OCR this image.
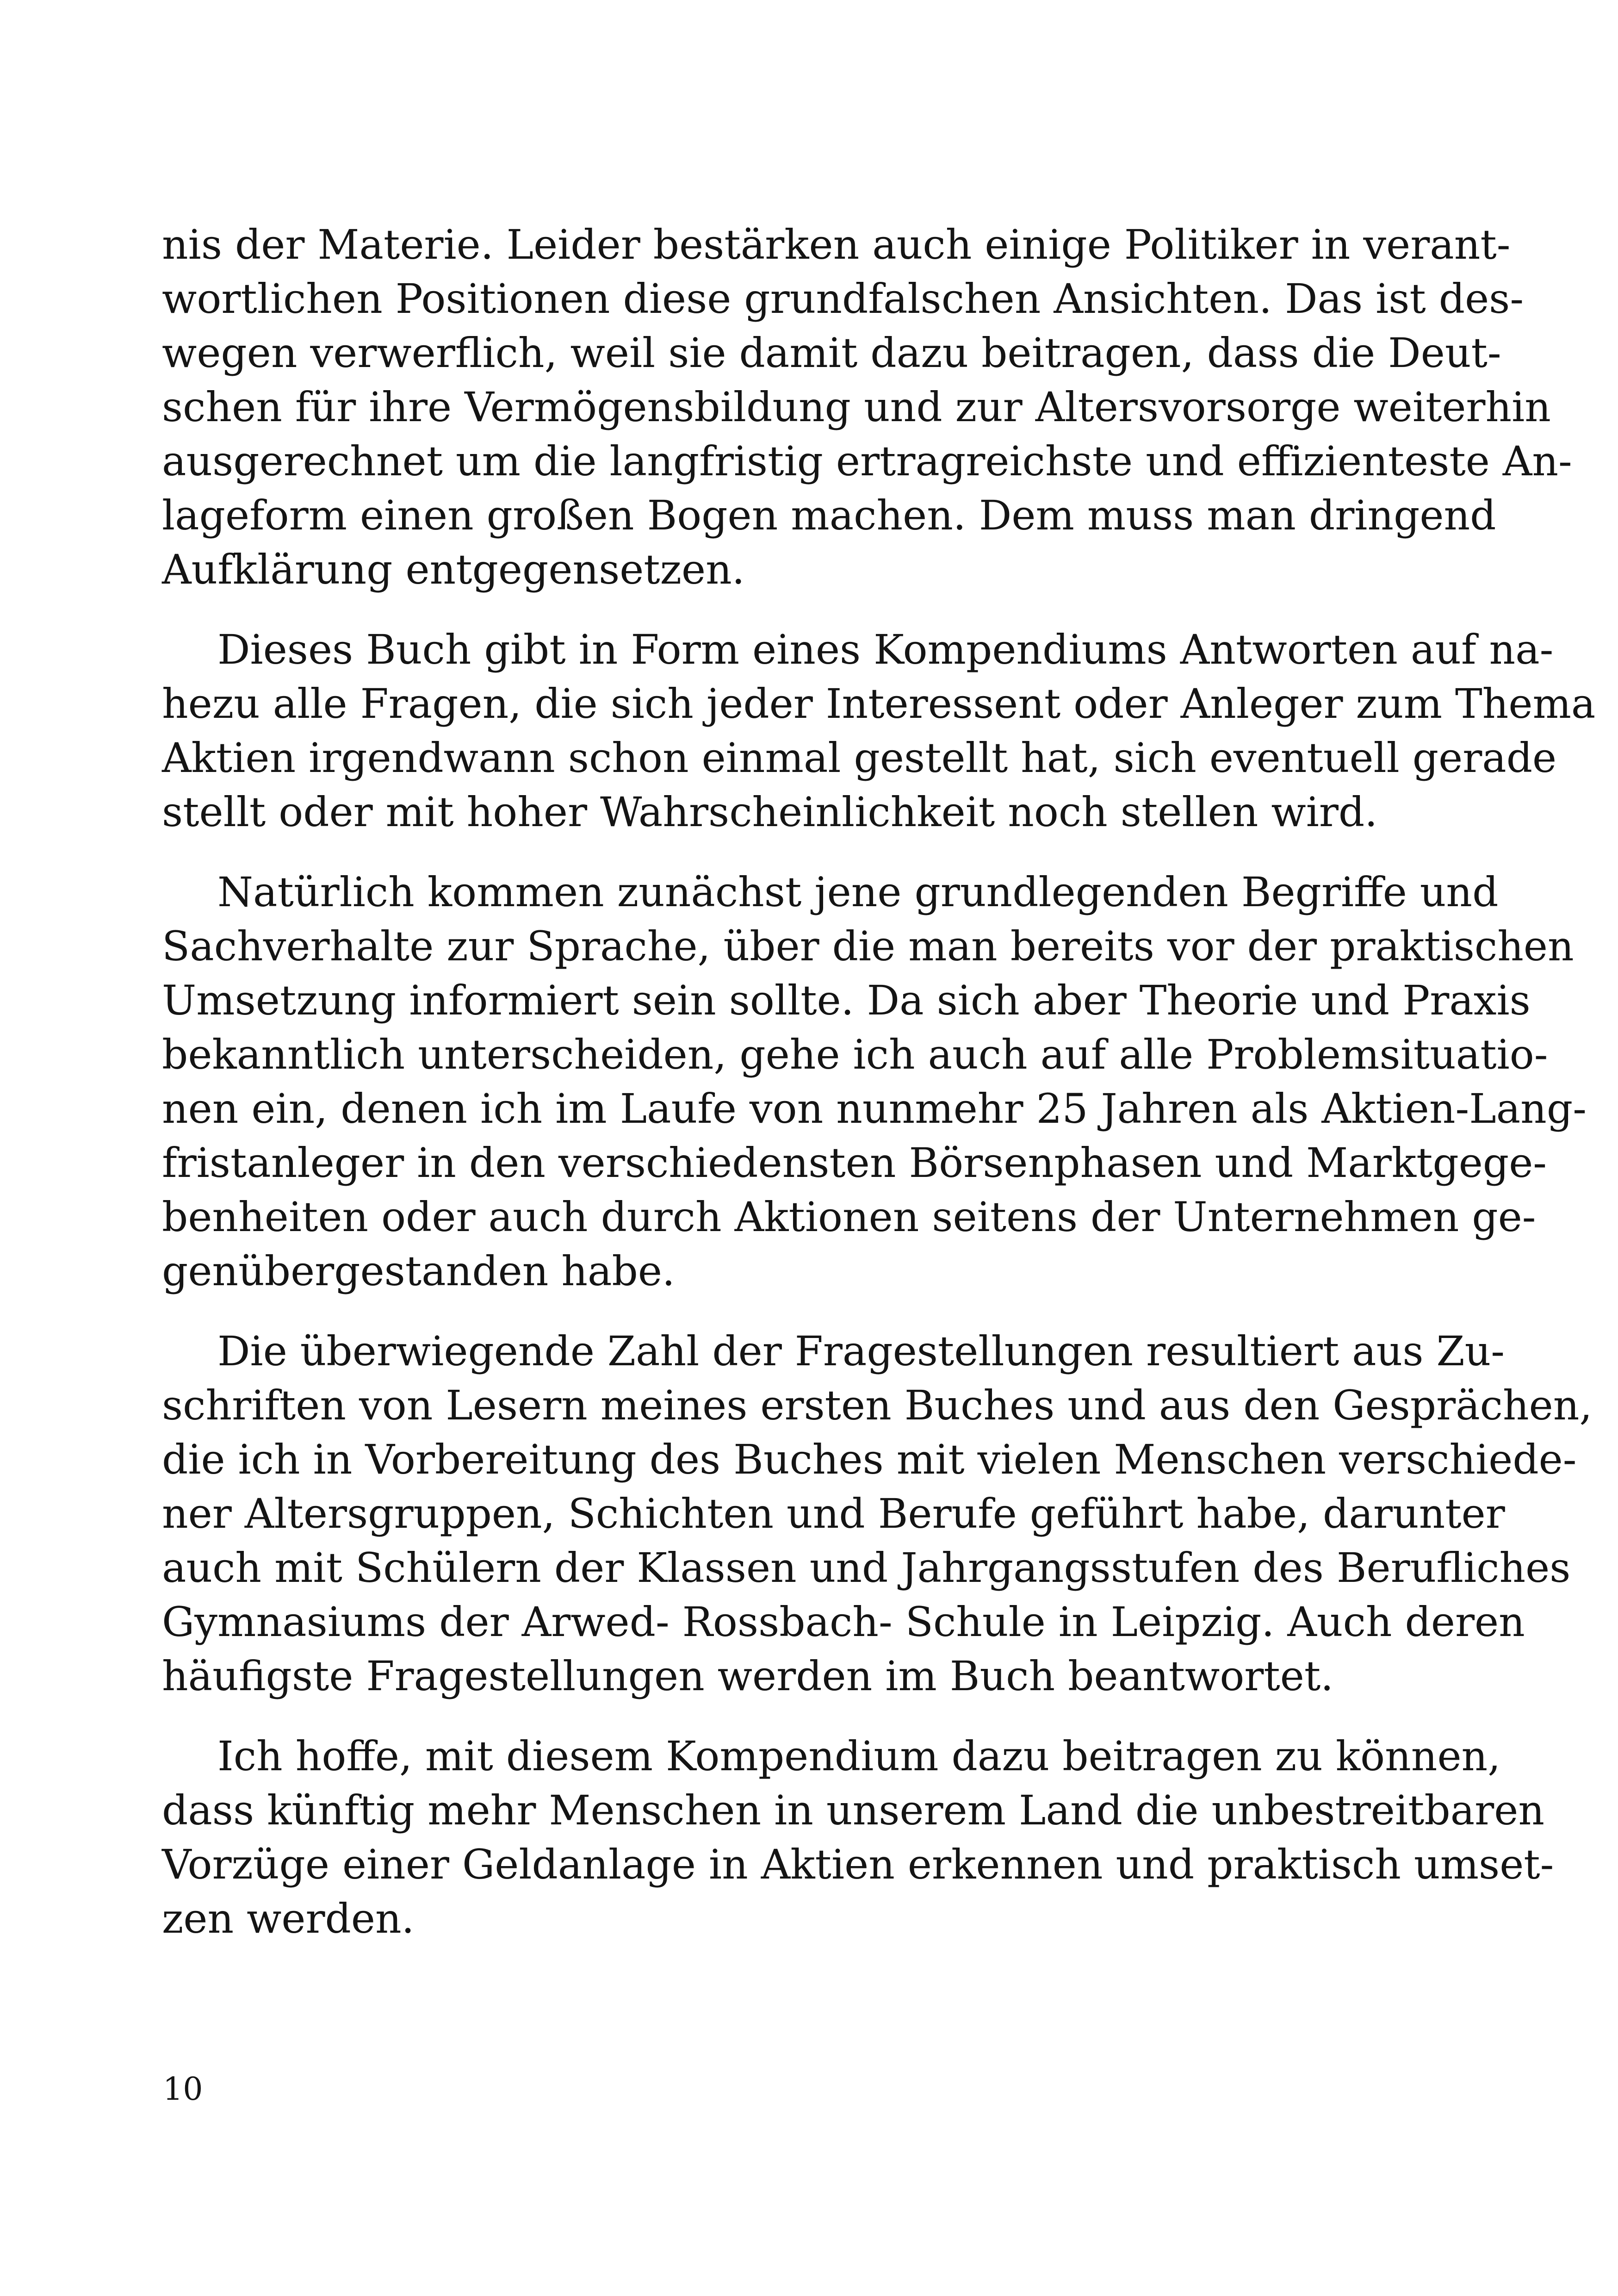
nis der Materie. Leider bestärken auch einige Politiker in verant-
wortlichen Positionen diese grundfalschen Ansichten. Das ist des-
wegen verwerflich, weil sie damit dazu beitragen, dass die Deut-
schen für ihre Vermögensbildung und zur Altersvorsorge weiterhin
ausgerechnet um die langfristig ertragreichste und effizienteste An-
lageform einen großen Bogen machen. Dem muss man dringend
Aufklärung entgegensetzen.

Dieses Buch gibt in Form eines Kompendiums Antworten auf na-
hezu alle Fragen, die sich jeder Interessent oder Anleger zum Thema
Aktien irgendwann schon einmal gestellt hat, sich eventuell gerade
stellt oder mit hoher Wahrscheinlichkeit noch stellen wird.

Natürlich kommen zunächst jene grundlegenden Begriffe und
Sachverhalte zur Sprache, über die man bereits vor der praktischen
Umsetzung informiert sein sollte. Da sich aber Theorie und Praxis
bekanntlich unterscheiden, gehe ich auch auf alle Problemsituatio-
nen ein, denen ich im Laufe von nunmehr 25 Jahren als Aktien-Lang-
fristanleger in den verschiedensten Börsenphasen und Marktgege-
benheiten oder auch durch Aktionen seitens der Unternehmen ge-
genübergestanden habe.

Die überwiegende Zahl der Fragestellungen resultiert aus Zu-
schriften von Lesern meines ersten Buches und aus den Gesprächen,
die ich in Vorbereitung des Buches mit vielen Menschen verschiede-
ner Altersgruppen, Schichten und Berufe geführt habe, darunter
auch mit Schülern der Klassen und Jahrgangsstufen des Berufliches
Gymnasiums der Arwed- Rossbach- Schule in Leipzig. Auch deren
häufigste Fragestellungen werden im Buch beantwortet.

Ich hoffe, mit diesem Kompendium dazu beitragen zu können,
dass künftig mehr Menschen in unserem Land die unbestreitbaren
Vorzüge einer Geldanlage in Aktien erkennen und praktisch umset-
zen werden.

10
